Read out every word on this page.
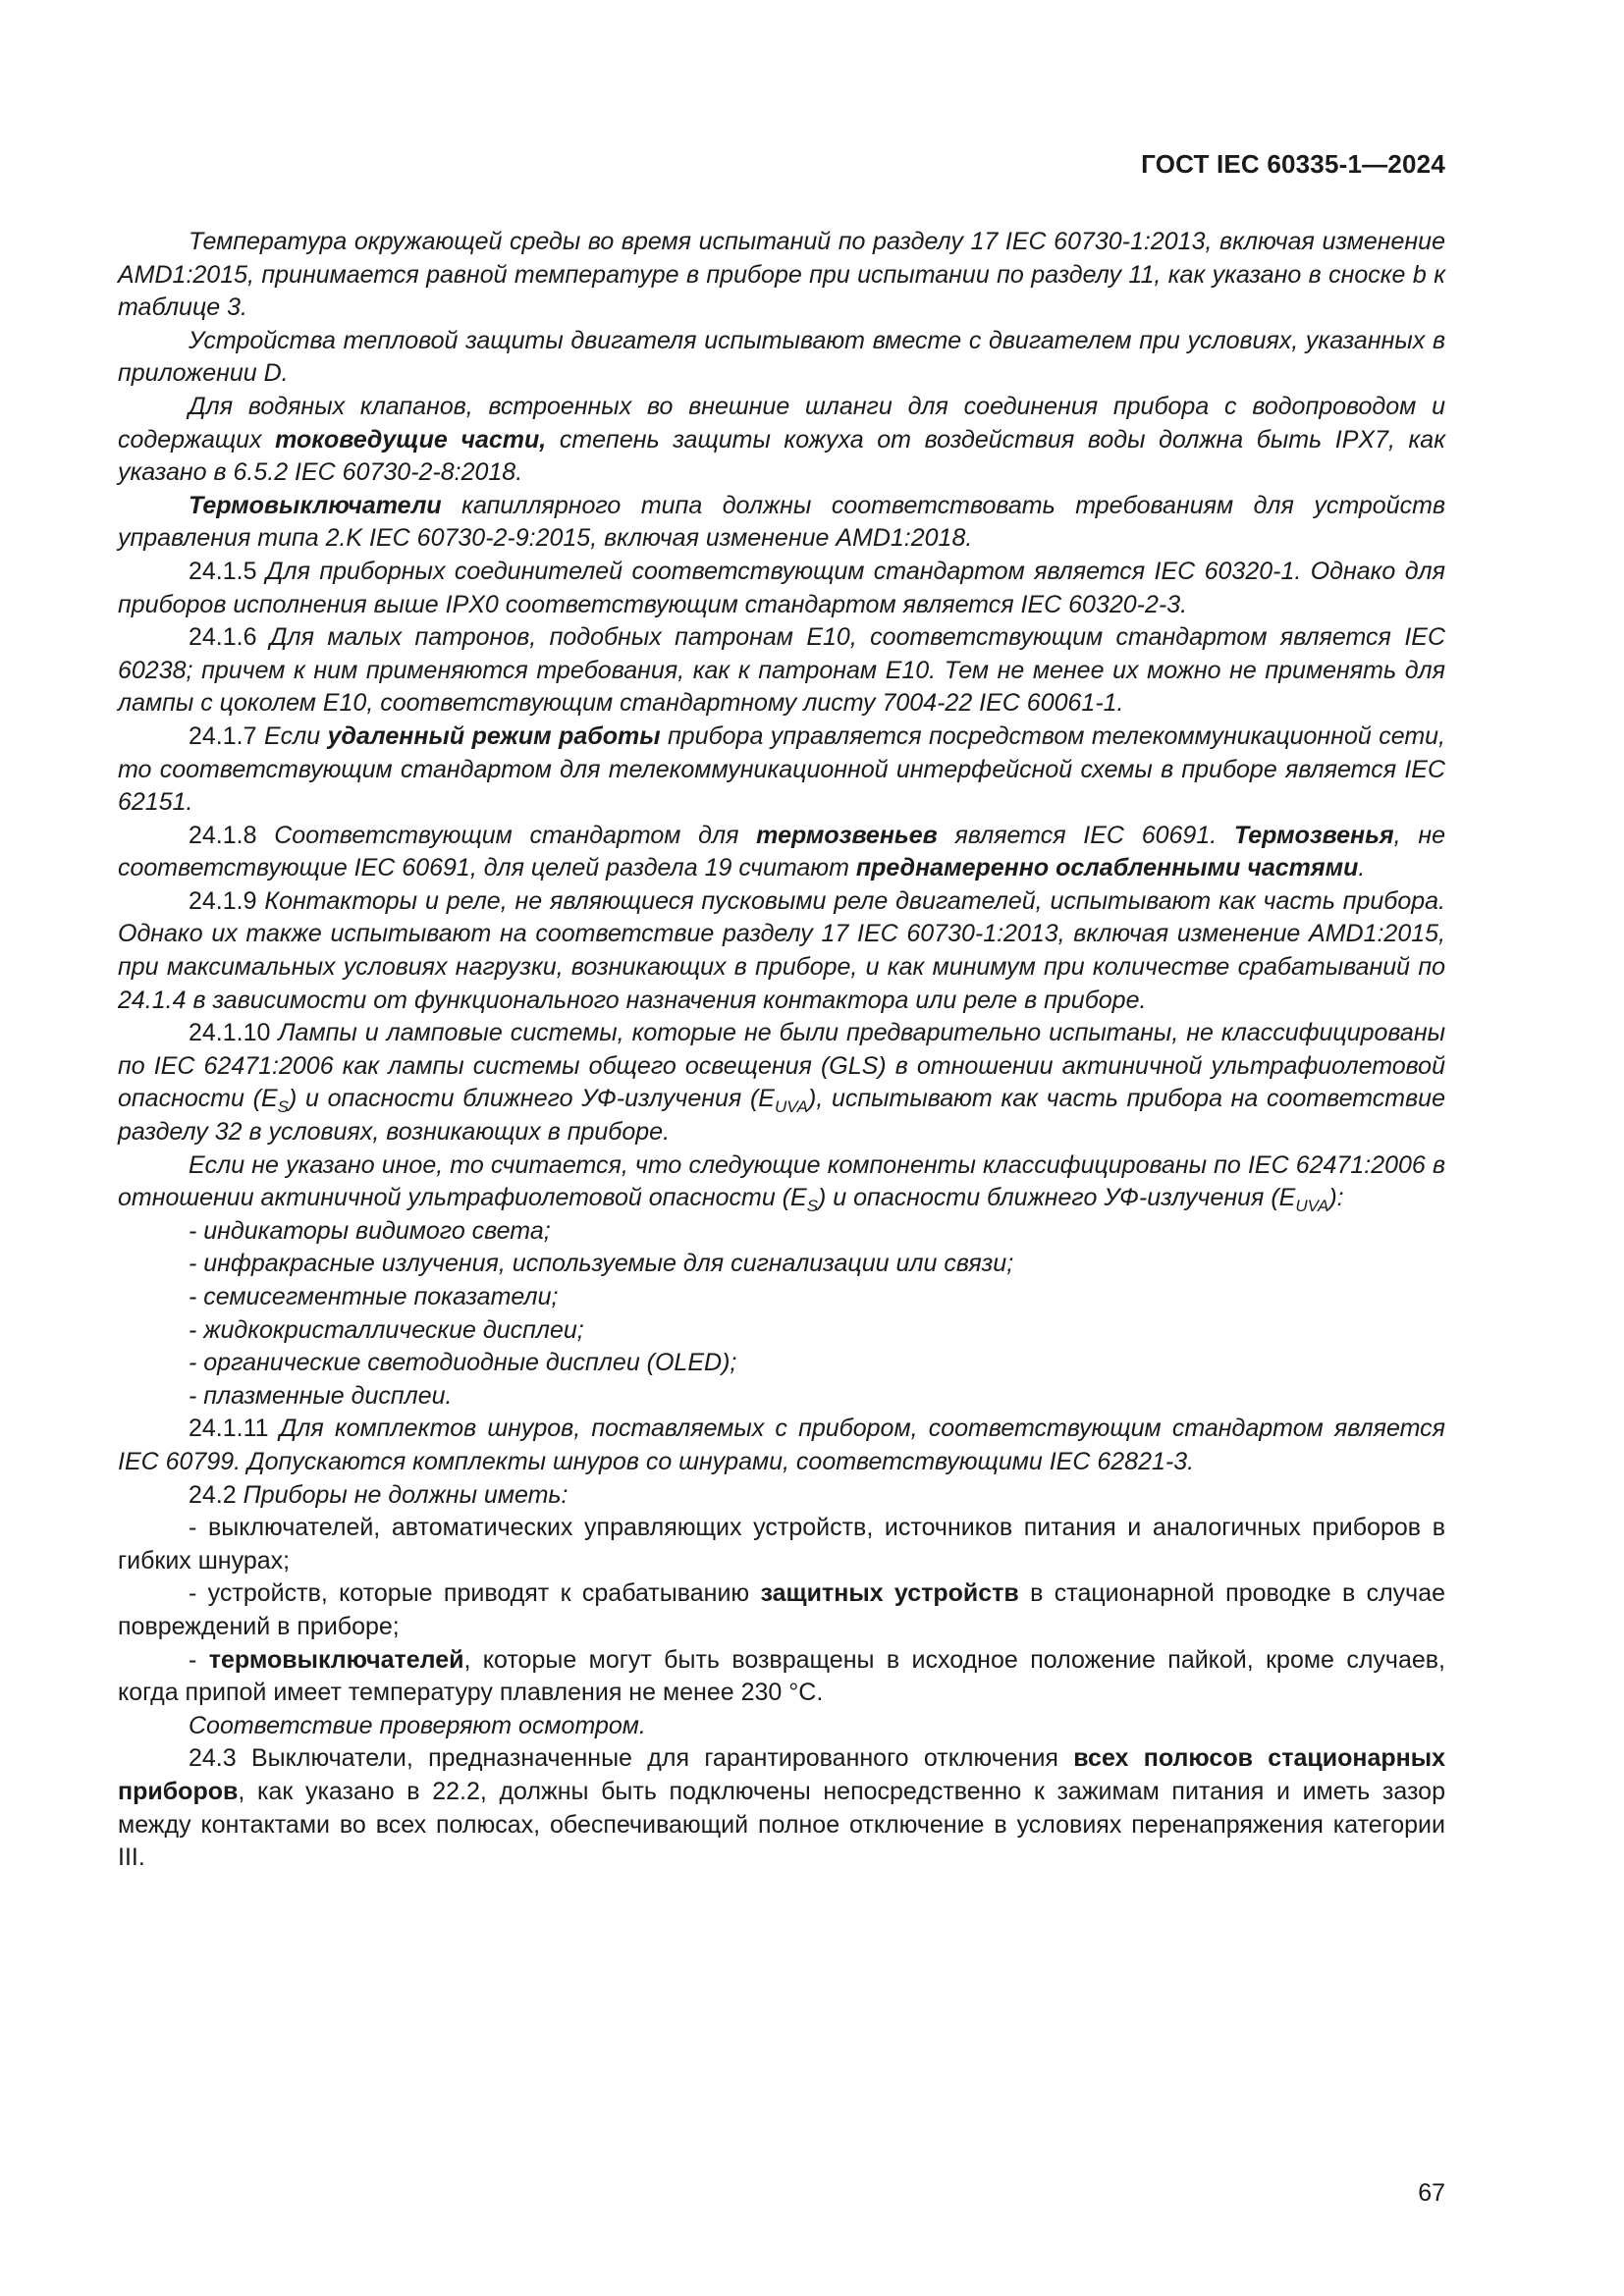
ГОСТ IEC 60335-1—2024

Температура окружающей среды во время испытаний по разделу 17 IEC 60730-1:2013, включая изменение AMD1:2015, принимается равной температуре в приборе при испытании по разделу 11, как указано в сноске b к таблице 3.

Устройства тепловой защиты двигателя испытывают вместе с двигателем при условиях, указанных в приложении D.

Для водяных клапанов, встроенных во внешние шланги для соединения прибора с водопроводом и содержащих токоведущие части, степень защиты кожуха от воздействия воды должна быть IPX7, как указано в 6.5.2 IEC 60730-2-8:2018.

Термовыключатели капиллярного типа должны соответствовать требованиям для устройств управления типа 2.K IEC 60730-2-9:2015, включая изменение AMD1:2018.

24.1.5 Для приборных соединителей соответствующим стандартом является IEC 60320-1. Однако для приборов исполнения выше IPX0 соответствующим стандартом является IEC 60320-2-3.

24.1.6 Для малых патронов, подобных патронам E10, соответствующим стандартом является IEC 60238; причем к ним применяются требования, как к патронам E10. Тем не менее их можно не применять для лампы с цоколем E10, соответствующим стандартному листу 7004-22 IEC 60061-1.

24.1.7 Если удаленный режим работы прибора управляется посредством телекоммуникационной сети, то соответствующим стандартом для телекоммуникационной интерфейсной схемы в приборе является IEC 62151.

24.1.8 Соответствующим стандартом для термозвеньев является IEC 60691. Термозвенья, не соответствующие IEC 60691, для целей раздела 19 считают преднамеренно ослабленными частями.

24.1.9 Контакторы и реле, не являющиеся пусковыми реле двигателей, испытывают как часть прибора. Однако их также испытывают на соответствие разделу 17 IEC 60730-1:2013, включая изменение AMD1:2015, при максимальных условиях нагрузки, возникающих в приборе, и как минимум при количестве срабатываний по 24.1.4 в зависимости от функционального назначения контактора или реле в приборе.

24.1.10 Лампы и ламповые системы, которые не были предварительно испытаны, не классифицированы по IEC 62471:2006 как лампы системы общего освещения (GLS) в отношении актиничной ультрафиолетовой опасности $(E_S)$ и опасности ближнего УФ-излучения $(E_{UVA})$, испытывают как часть прибора на соответствие разделу 32 в условиях, возникающих в приборе.

Если не указано иное, то считается, что следующие компоненты классифицированы по IEC 62471:2006 в отношении актиничной ультрафиолетовой опасности $(E_S)$ и опасности ближнего УФ-излучения $(E_{UVA})$:

- индикаторы видимого света;

- инфракрасные излучения, используемые для сигнализации или связи;

- семисегментные показатели;

- жидкокристаллические дисплеи;

- органические светодиодные дисплеи (OLED);

- плазменные дисплеи.

24.1.11 Для комплектов шнуров, поставляемых с прибором, соответствующим стандартом является IEC 60799. Допускаются комплекты шнуров со шнурами, соответствующими IEC 62821-3.

24.2 Приборы не должны иметь:

- выключателей, автоматических управляющих устройств, источников питания и аналогичных приборов в гибких шнурах;

- устройств, которые приводят к срабатыванию защитных устройств в стационарной проводке в случае повреждений в приборе;

- термовыключателей, которые могут быть возвращены в исходное положение пайкой, кроме случаев, когда припой имеет температуру плавления не менее 230 °С.

Соответствие проверяют осмотром.

24.3 Выключатели, предназначенные для гарантированного отключения всех полюсов стационарных приборов, как указано в 22.2, должны быть подключены непосредственно к зажимам питания и иметь зазор между контактами во всех полюсах, обеспечивающий полное отключение в условиях перенапряжения категории III.

67
